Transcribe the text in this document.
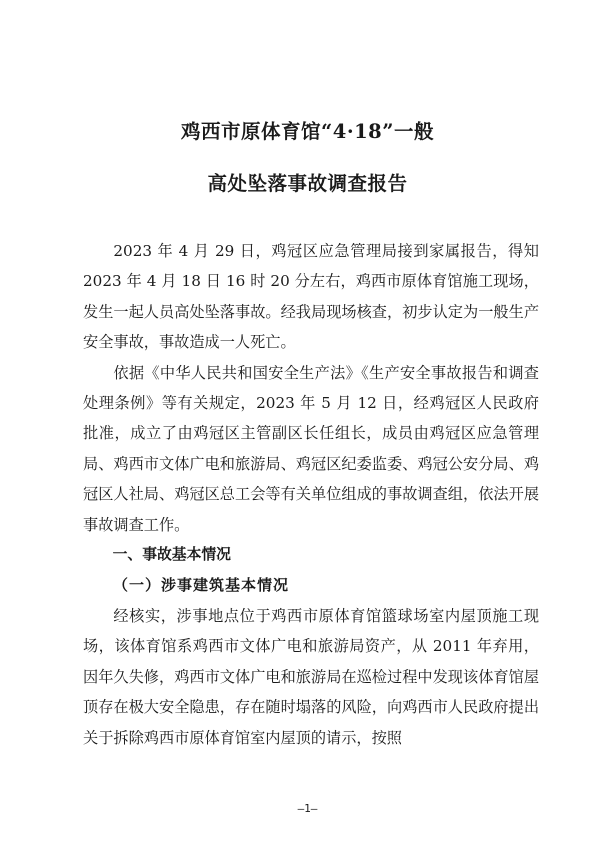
鸡西市原体育馆“4·18”一般
高处坠落事故调查报告

2023 年 4 月 29 日，鸡冠区应急管理局接到家属报告，得知 2023 年 4 月 18 日 16 时 20 分左右，鸡西市原体育馆施工现场，发生一起人员高处坠落事故。经我局现场核查，初步认定为一般生产安全事故，事故造成一人死亡。

依据《中华人民共和国安全生产法》《生产安全事故报告和调查处理条例》等有关规定，2023 年 5 月 12 日，经鸡冠区人民政府批准，成立了由鸡冠区主管副区长任组长，成员由鸡冠区应急管理局、鸡西市文体广电和旅游局、鸡冠区纪委监委、鸡冠公安分局、鸡冠区人社局、鸡冠区总工会等有关单位组成的事故调查组，依法开展事故调查工作。

一、事故基本情况

（一）涉事建筑基本情况

经核实，涉事地点位于鸡西市原体育馆篮球场室内屋顶施工现场，该体育馆系鸡西市文体广电和旅游局资产，从 2011 年弃用，因年久失修，鸡西市文体广电和旅游局在巡检过程中发现该体育馆屋顶存在极大安全隐患，存在随时塌落的风险，向鸡西市人民政府提出关于拆除鸡西市原体育馆室内屋顶的请示，按照

—1—
